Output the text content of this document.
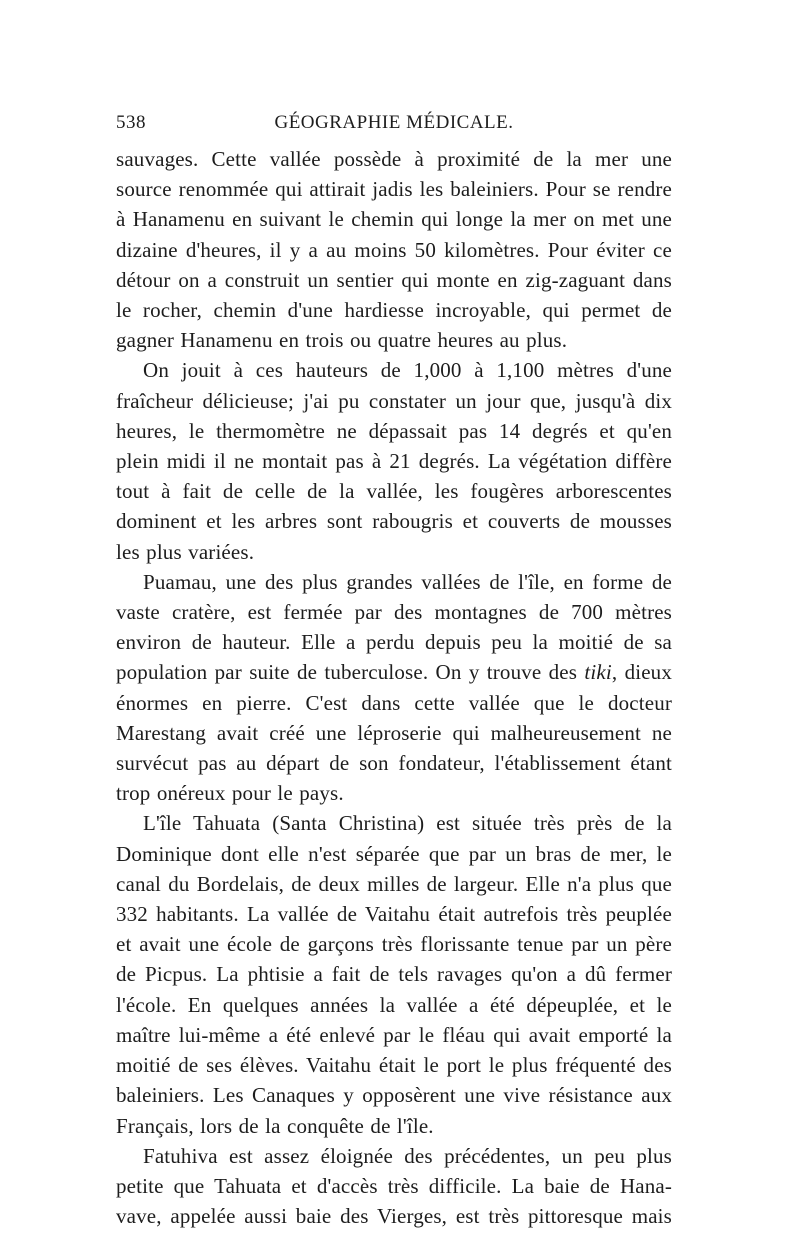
538	GÉOGRAPHIE MÉDICALE.

sauvages. Cette vallée possède à proximité de la mer une source renommée qui attirait jadis les baleiniers. Pour se rendre à Hanamenu en suivant le chemin qui longe la mer on met une dizaine d'heures, il y a au moins 50 kilomètres. Pour éviter ce détour on a construit un sentier qui monte en zig-zaguant dans le rocher, chemin d'une hardiesse incroyable, qui permet de gagner Hanamenu en trois ou quatre heures au plus.

On jouit à ces hauteurs de 1,000 à 1,100 mètres d'une fraîcheur délicieuse; j'ai pu constater un jour que, jusqu'à dix heures, le thermomètre ne dépassait pas 14 degrés et qu'en plein midi il ne montait pas à 21 degrés. La végétation diffère tout à fait de celle de la vallée, les fougères arborescentes dominent et les arbres sont rabougris et couverts de mousses les plus variées.

Puamau, une des plus grandes vallées de l'île, en forme de vaste cratère, est fermée par des montagnes de 700 mètres environ de hauteur. Elle a perdu depuis peu la moitié de sa population par suite de tuberculose. On y trouve des tiki, dieux énormes en pierre. C'est dans cette vallée que le docteur Marestang avait créé une léproserie qui malheureusement ne survécut pas au départ de son fondateur, l'établissement étant trop onéreux pour le pays.

L'île Tahuata (Santa Christina) est située très près de la Dominique dont elle n'est séparée que par un bras de mer, le canal du Bordelais, de deux milles de largeur. Elle n'a plus que 332 habitants. La vallée de Vaitahu était autrefois très peuplée et avait une école de garçons très florissante tenue par un père de Picpus. La phtisie a fait de tels ravages qu'on a dû fermer l'école. En quelques années la vallée a été dépeuplée, et le maître lui-même a été enlevé par le fléau qui avait emporté la moitié de ses élèves. Vaitahu était le port le plus fréquenté des baleiniers. Les Canaques y opposèrent une vive résistance aux Français, lors de la conquête de l'île.

Fatuhiva est assez éloignée des précédentes, un peu plus petite que Tahuata et d'accès très difficile. La baie de Hana-vave, appelée aussi baie des Vierges, est très pittoresque mais
